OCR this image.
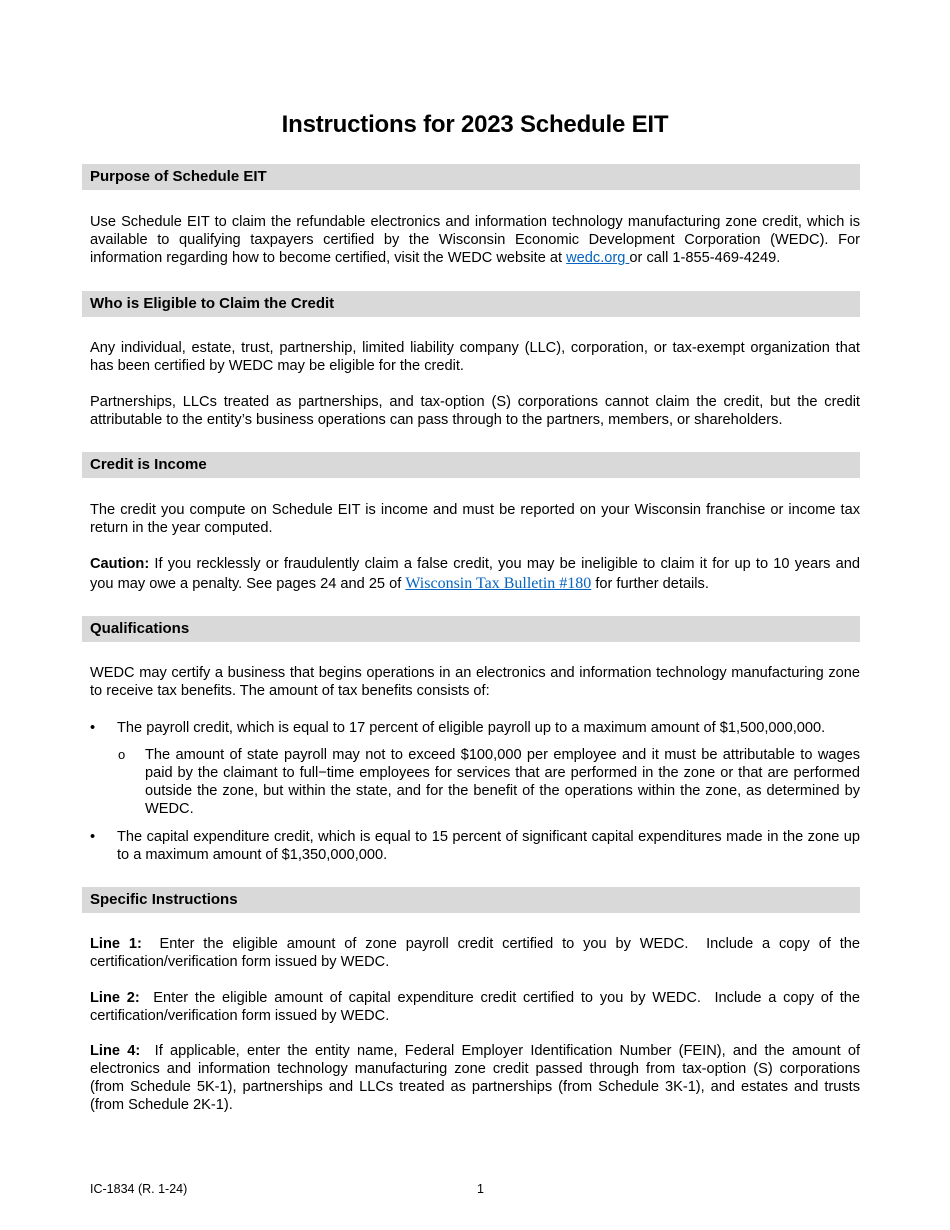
Instructions for 2023 Schedule EIT
Purpose of Schedule EIT
Use Schedule EIT to claim the refundable electronics and information technology manufacturing zone credit, which is available to qualifying taxpayers certified by the Wisconsin Economic Development Corporation (WEDC). For information regarding how to become certified, visit the WEDC website at wedc.org or call 1-855-469-4249.
Who is Eligible to Claim the Credit
Any individual, estate, trust, partnership, limited liability company (LLC), corporation, or tax-exempt organization that has been certified by WEDC may be eligible for the credit.
Partnerships, LLCs treated as partnerships, and tax-option (S) corporations cannot claim the credit, but the credit attributable to the entity’s business operations can pass through to the partners, members, or shareholders.
Credit is Income
The credit you compute on Schedule EIT is income and must be reported on your Wisconsin franchise or income tax return in the year computed.
Caution: If you recklessly or fraudulently claim a false credit, you may be ineligible to claim it for up to 10 years and you may owe a penalty. See pages 24 and 25 of Wisconsin Tax Bulletin #180 for further details.
Qualifications
WEDC may certify a business that begins operations in an electronics and information technology manufacturing zone to receive tax benefits. The amount of tax benefits consists of:
•	The payroll credit, which is equal to 17 percent of eligible payroll up to a maximum amount of $1,500,000,000.
o The amount of state payroll may not to exceed $100,000 per employee and it must be attributable to wages paid by the claimant to full−time employees for services that are performed in the zone or that are performed outside the zone, but within the state, and for the benefit of the operations within the zone, as determined by WEDC.
•	The capital expenditure credit, which is equal to 15 percent of significant capital expenditures made in the zone up to a maximum amount of $1,350,000,000.
Specific Instructions
Line 1:  Enter the eligible amount of zone payroll credit certified to you by WEDC.  Include a copy of the certification/verification form issued by WEDC.
Line 2:  Enter the eligible amount of capital expenditure credit certified to you by WEDC.  Include a copy of the certification/verification form issued by WEDC.
Line 4:  If applicable, enter the entity name, Federal Employer Identification Number (FEIN), and the amount of electronics and information technology manufacturing zone credit passed through from tax-option (S) corporations (from Schedule 5K-1), partnerships and LLCs treated as partnerships (from Schedule 3K-1), and estates and trusts (from Schedule 2K-1).
IC-1834 (R. 1-24)	1
